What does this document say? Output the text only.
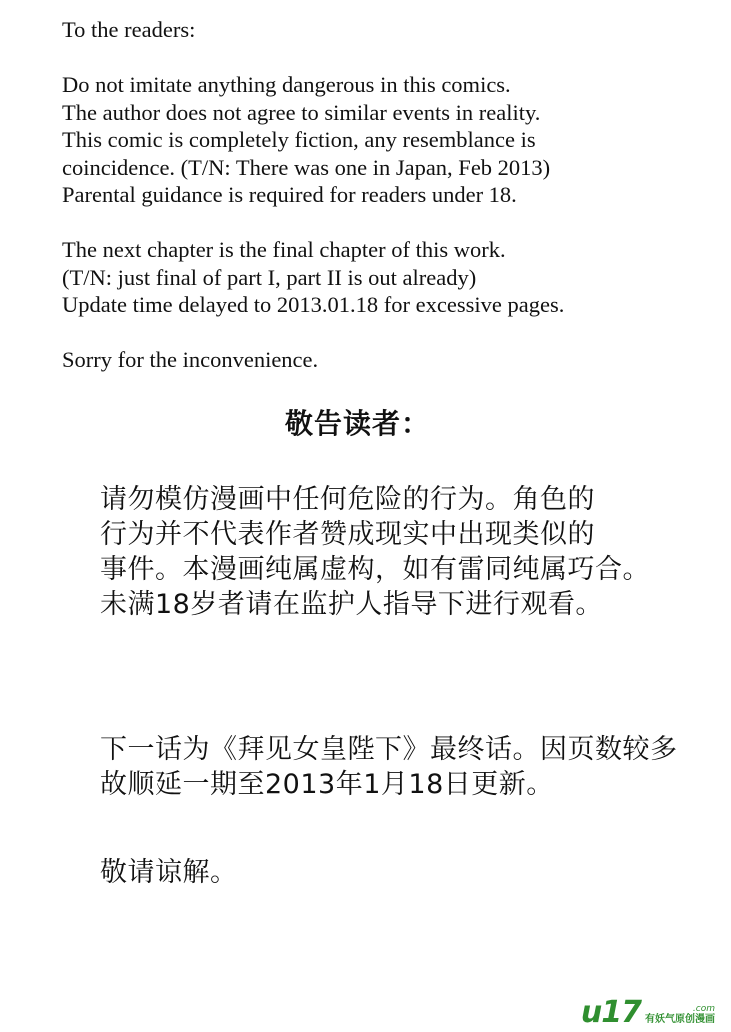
To the readers:

Do not imitate anything dangerous in this comics.

The author does not agree to similar events in reality.

This comic is completely fiction, any resemblance is

coincidence. (T/N: There was one in Japan, Feb 2013)

Parental guidance is required for readers under 18.

The next chapter is the final chapter of this work.

(T/N: just final of part I, part II is out already)

Update time delayed to 2013.01.18 for excessive pages.

Sorry for the inconvenience.

敬告读者：

请勿模仿漫画中任何危险的行为。角色的

行为并不代表作者赞成现实中出现类似的

事件。本漫画纯属虚构，如有雷同纯属巧合。

未满18岁者请在监护人指导下进行观看。

下一话为《拜见女皇陛下》最终话。因页数较多

故顺延一期至2013年1月18日更新。

敬请谅解。

u17	.com
有妖气原创漫画
